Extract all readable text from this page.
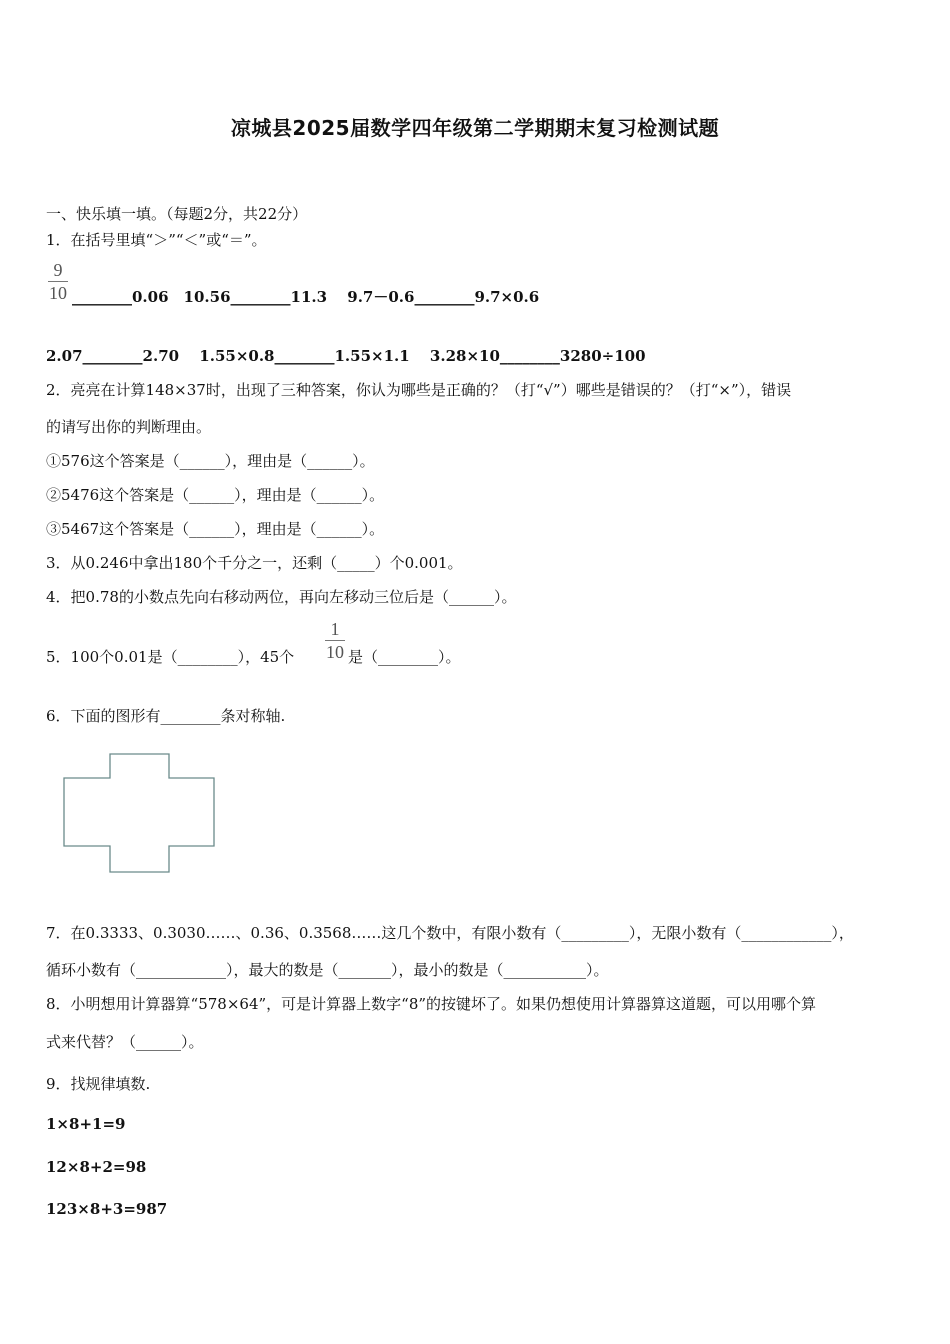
凉城县2025届数学四年级第二学期期末复习检测试题
一、快乐填一填。（每题2分，共22分）
1．在括号里填“＞”“＜”或“＝”。
9
10 ________0.06　10.56________11.3　 9.7－0.6________9.7×0.6
2.07________2.70　 1.55×0.8________1.55×1.1　 3.28×10________3280÷100
2．亮亮在计算148×37时，出现了三种答案，你认为哪些是正确的？（打“√”）哪些是错误的？（打“×”），错误
的请写出你的判断理由。
①576这个答案是（______），理由是（______）。
②5476这个答案是（______），理由是（______）。
③5467这个答案是（______），理由是（______）。
3．从0.246中拿出180个千分之一，还剩（_____）个0.001。
4．把0.78的小数点先向右移动两位，再向左移动三位后是（______）。
5．100个0.01是（________），45个
1
10 是（________）。
6．下面的图形有________条对称轴.
7．在0.3333、0.3030……、0.36、0.3568……这几个数中，有限小数有（_________），无限小数有（____________），
循环小数有（____________），最大的数是（_______），最小的数是（___________）。
8．小明想用计算器算“578×64”，可是计算器上数字“8”的按键坏了。如果仍想使用计算器算这道题，可以用哪个算
式来代替？（______）。
9．找规律填数.
1×8+1=9
12×8+2=98
123×8+3=987
